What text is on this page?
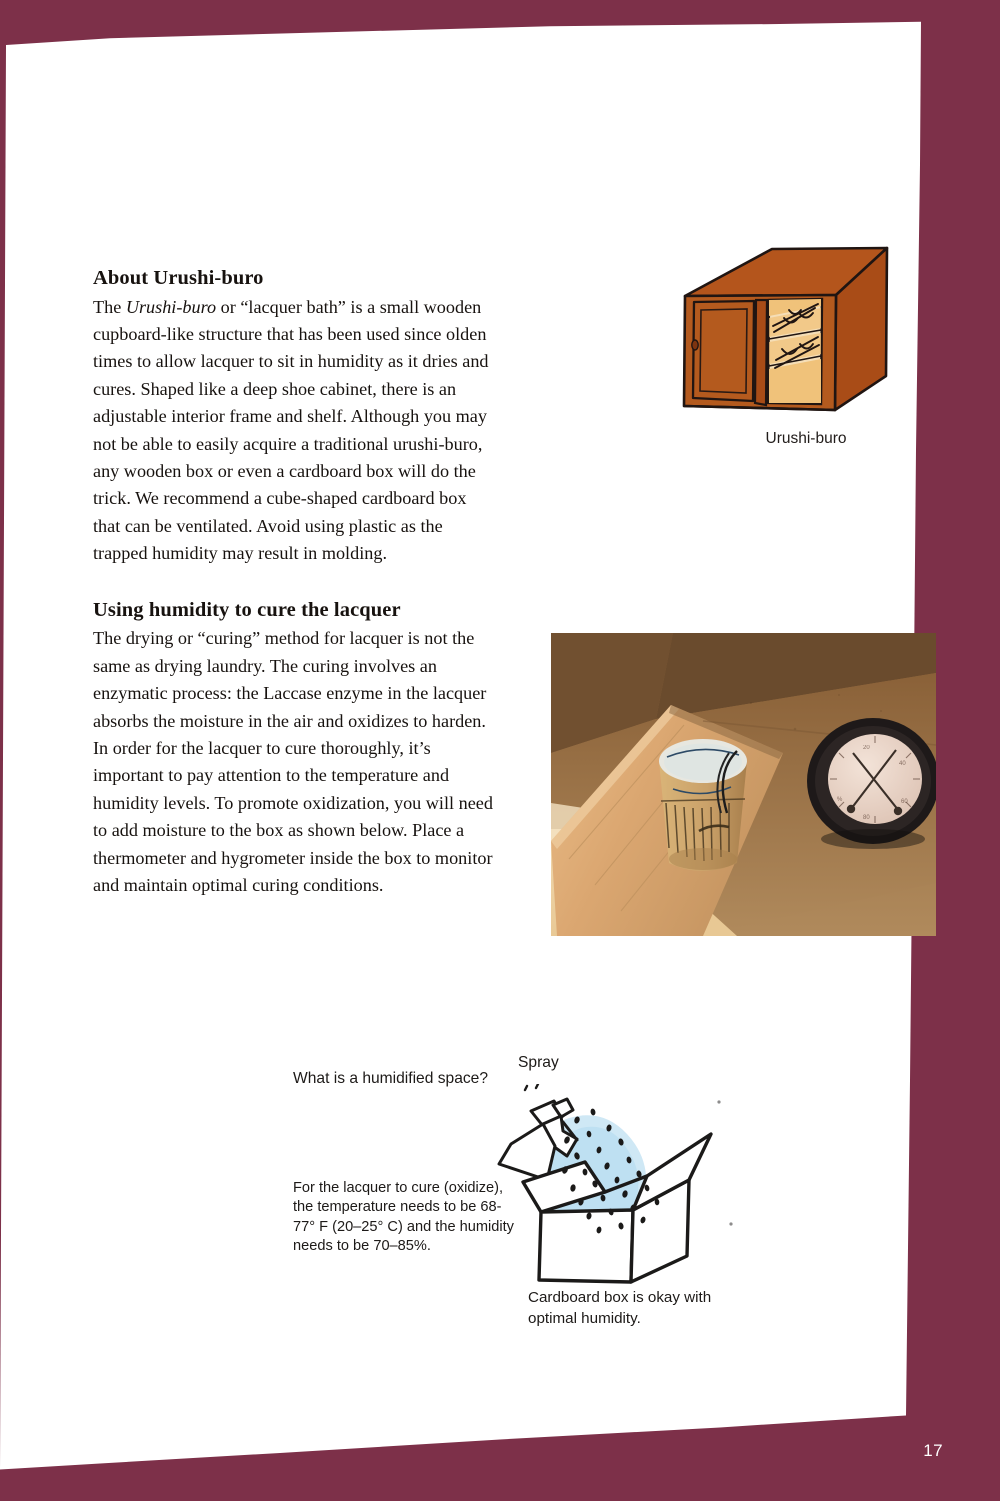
About Urushi-buro

The Urushi-buro or “lacquer bath” is a small wooden cupboard-like structure that has been used since olden times to allow lacquer to sit in humidity as it dries and cures. Shaped like a deep shoe cabinet, there is an adjustable interior frame and shelf. Although you may not be able to easily acquire a traditional urushi-buro, any wooden box or even a cardboard box will do the trick. We recommend a cube-shaped cardboard box that can be ventilated. Avoid using plastic as the trapped humidity may result in molding.

Using humidity to cure the lacquer

The drying or “curing” method for lacquer is not the same as drying laundry. The curing involves an enzymatic process: the Laccase enzyme in the lacquer absorbs the moisture in the air and oxidizes to harden. In order for the lacquer to cure thoroughly, it’s important to pay attention to the temperature and humidity levels. To promote oxidization, you will need to add moisture to the box as shown below. Place a thermometer and hygrometer inside the box to monitor and maintain optimal curing conditions.

Urushi-buro
20
40
60
80
%
What is a humidified space?
Spray
For the lacquer to cure (oxidize), the temperature needs to be 68-77° F (20–25° C) and the humidity needs to be 70–85%.
Cardboard box is okay with optimal humidity.
17
